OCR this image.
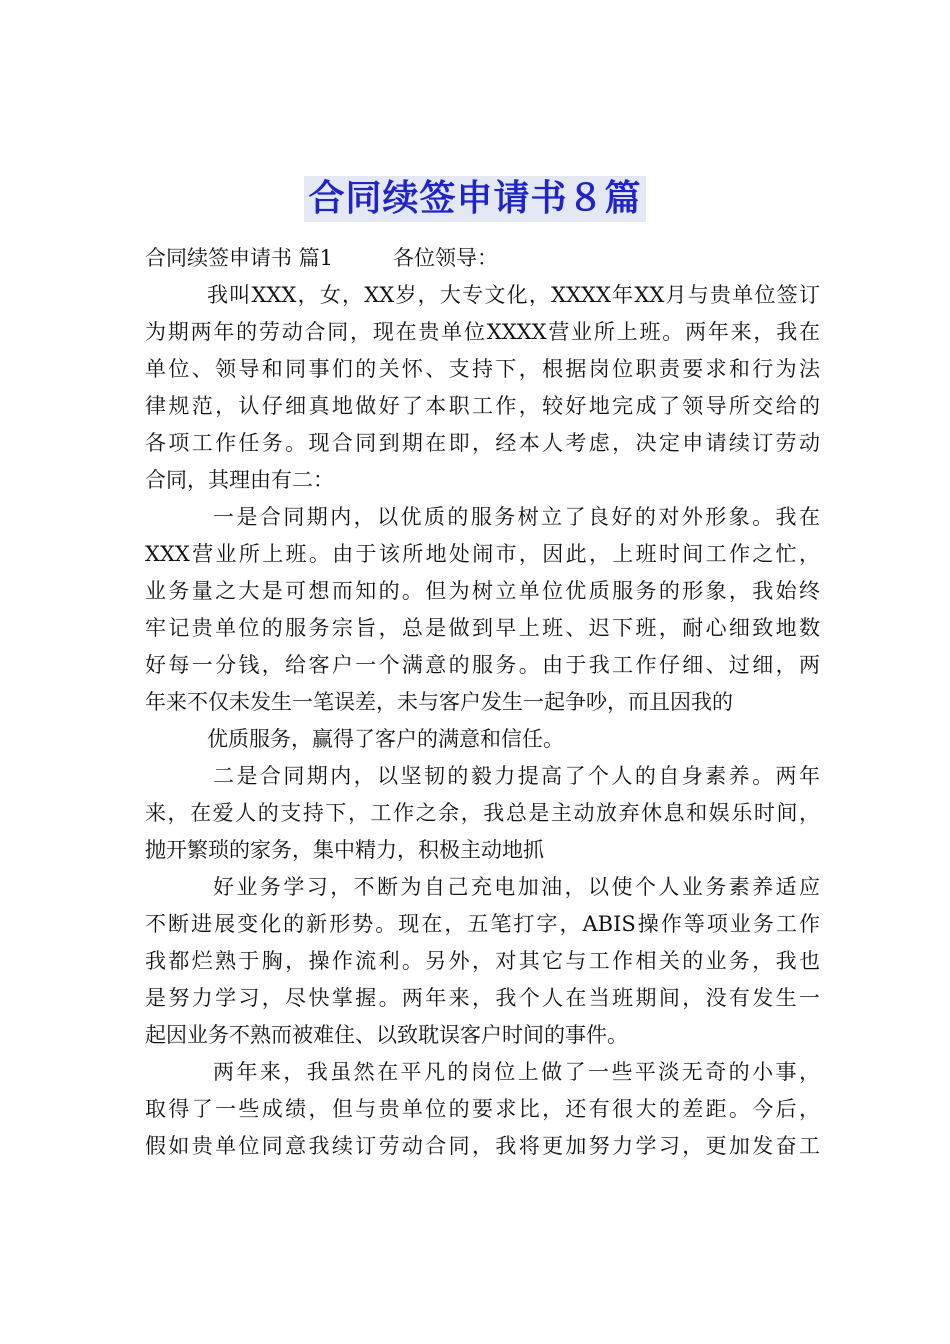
合同续签申请书８篇
合同续签申请书 篇1	各位领导：
我叫XXX，女，XX岁，大专文化，XXXX年XX月与贵单位签订
为期两年的劳动合同，现在贵单位XXXX营业所上班。两年来，我在
单位、领导和同事们的关怀、支持下，根据岗位职责要求和行为法
律规范，认仔细真地做好了本职工作，较好地完成了领导所交给的
各项工作任务。现合同到期在即，经本人考虑，决定申请续订劳动
合同，其理由有二：
一是合同期内，以优质的服务树立了良好的对外形象。我在
XXX营业所上班。由于该所地处闹市，因此，上班时间工作之忙，
业务量之大是可想而知的。但为树立单位优质服务的形象，我始终
牢记贵单位的服务宗旨，总是做到早上班、迟下班，耐心细致地数
好每一分钱，给客户一个满意的服务。由于我工作仔细、过细，两
年来不仅未发生一笔误差，未与客户发生一起争吵，而且因我的
优质服务，赢得了客户的满意和信任。
二是合同期内，以坚韧的毅力提高了个人的自身素养。两年
来，在爱人的支持下，工作之余，我总是主动放弃休息和娱乐时间，
抛开繁琐的家务，集中精力，积极主动地抓
好业务学习，不断为自己充电加油，以使个人业务素养适应
不断进展变化的新形势。现在，五笔打字，ABIS操作等项业务工作
我都烂熟于胸，操作流利。另外，对其它与工作相关的业务，我也
是努力学习，尽快掌握。两年来，我个人在当班期间，没有发生一
起因业务不熟而被难住、以致耽误客户时间的事件。
两年来，我虽然在平凡的岗位上做了一些平淡无奇的小事，
取得了一些成绩，但与贵单位的要求比，还有很大的差距。今后，
假如贵单位同意我续订劳动合同，我将更加努力学习，更加发奋工
